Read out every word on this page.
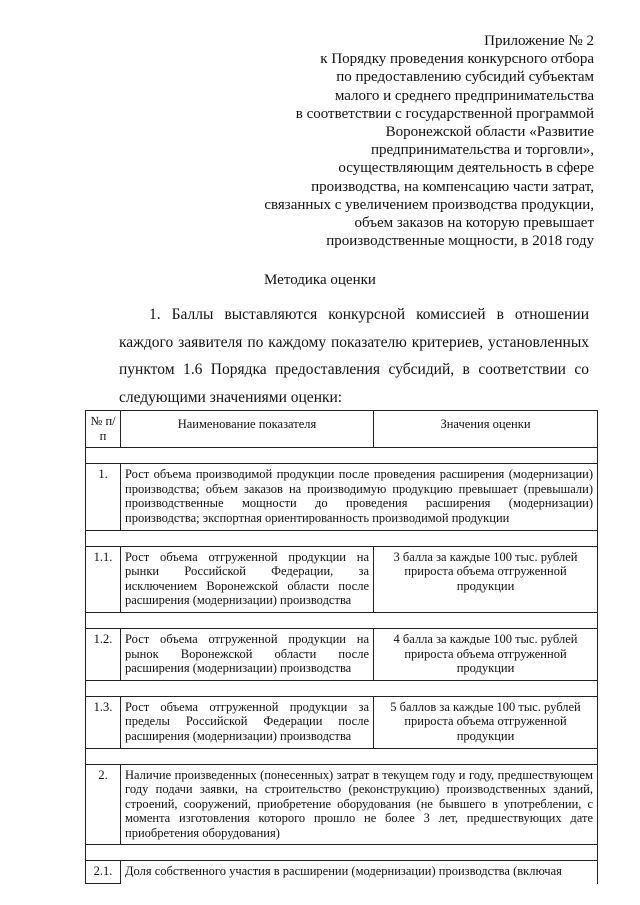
Приложение № 2
к Порядку проведения конкурсного отбора
по предоставлению субсидий субъектам
малого и среднего предпринимательства
в соответствии с государственной программой
Воронежской области «Развитие
предпринимательства и торговли»,
осуществляющим деятельность в сфере
производства, на компенсацию части затрат,
связанных с увеличением производства продукции,
объем заказов на которую превышает
производственные мощности, в 2018 году
Методика оценки
1. Баллы выставляются конкурсной комиссией в отношении
каждого заявителя по каждому показателю критериев, установленных
пунктом 1.6 Порядка предоставления субсидий, в соответствии со
следующими значениями оценки:
№ п/п	Наименование показателя	Значения оценки

1.	Рост объема производимой продукции после проведения расширения (модернизации) производства; объем заказов на производимую продукцию превышает (превышали) производственные мощности до проведения расширения (модернизации) производства; экспортная ориентированность производимой продукции	

1.1.	Рост объема отгруженной продукции на рынки Российской Федерации, за исключением Воронежской области после расширения (модернизации) производства	3 балла за каждые 100 тыс. рублей прироста объема отгруженной продукции

1.2.	Рост объема отгруженной продукции на рынок Воронежской области после расширения (модернизации) производства	4 балла за каждые 100 тыс. рублей прироста объема отгруженной продукции

1.3.	Рост объема отгруженной продукции за пределы Российской Федерации после расширения (модернизации) производства	5 баллов за каждые 100 тыс. рублей прироста объема отгруженной продукции

2.	Наличие произведенных (понесенных) затрат в текущем году и году, предшествующем году подачи заявки, на строительство (реконструкцию) производственных зданий, строений, сооружений, приобретение оборудования (не бывшего в употреблении, с момента изготовления которого прошло не более 3 лет, предшествующих дате приобретения оборудования)	

2.1.	Доля собственного участия в расширении (модернизации) производства (включая	
